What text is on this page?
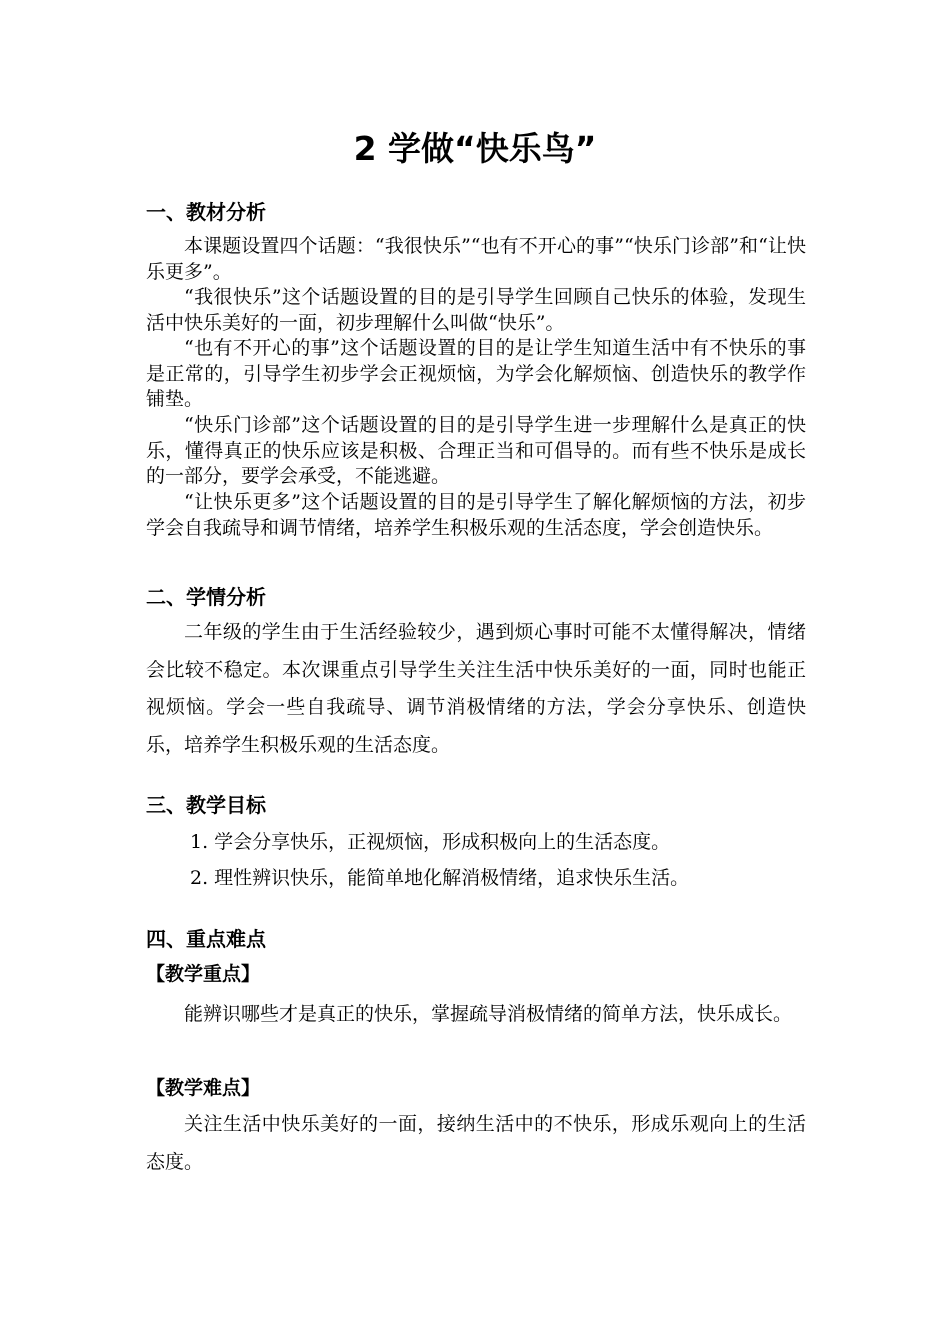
2 学做“快乐鸟”
一、教材分析

本课题设置四个话题：“我很快乐”“也有不开心的事”“快乐门诊部”和“让快乐更多”。

“我很快乐”这个话题设置的目的是引导学生回顾自己快乐的体验，发现生活中快乐美好的一面，初步理解什么叫做“快乐”。

“也有不开心的事”这个话题设置的目的是让学生知道生活中有不快乐的事是正常的，引导学生初步学会正视烦恼，为学会化解烦恼、创造快乐的教学作铺垫。

“快乐门诊部”这个话题设置的目的是引导学生进一步理解什么是真正的快乐，懂得真正的快乐应该是积极、合理正当和可倡导的。而有些不快乐是成长的一部分，要学会承受，不能逃避。

“让快乐更多”这个话题设置的目的是引导学生了解化解烦恼的方法，初步学会自我疏导和调节情绪，培养学生积极乐观的生活态度，学会创造快乐。

二、学情分析

二年级的学生由于生活经验较少，遇到烦心事时可能不太懂得解决，情绪会比较不稳定。本次课重点引导学生关注生活中快乐美好的一面，同时也能正视烦恼。学会一些自我疏导、调节消极情绪的方法，学会分享快乐、创造快乐，培养学生积极乐观的生活态度。

三、教学目标

1. 学会分享快乐，正视烦恼，形成积极向上的生活态度。

2. 理性辨识快乐，能简单地化解消极情绪，追求快乐生活。

四、重点难点
【教学重点】

能辨识哪些才是真正的快乐，掌握疏导消极情绪的简单方法，快乐成长。

【教学难点】

关注生活中快乐美好的一面，接纳生活中的不快乐，形成乐观向上的生活态度。
